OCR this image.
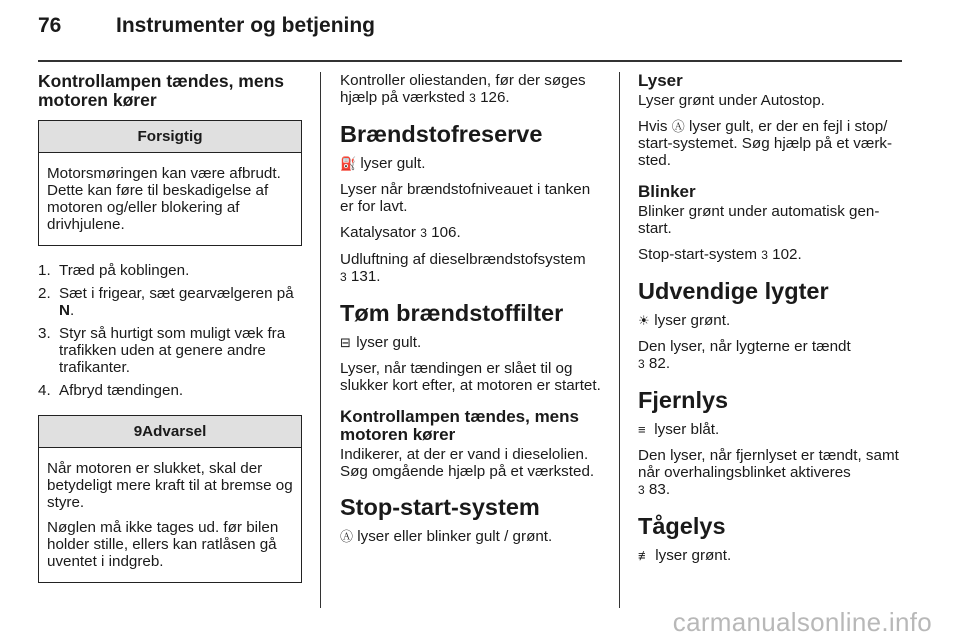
76	Instrumenter og betjening
Kontrollampen tændes, mens motoren kører
Forsigtig

Motorsmøringen kan være afbrudt. Dette kan føre til beskadigelse af motoren og/eller blokering af drivhjulene.

1. Træd på koblingen.
2. Sæt i frigear, sæt gearvælgeren på N.
3. Styr så hurtigt som muligt væk fra trafikken uden at genere andre trafikanter.
4. Afbryd tændingen.
9Advarsel

Når motoren er slukket, skal der betydeligt mere kraft til at bremse og styre.

Nøglen må ikke tages ud. før bilen holder stille, ellers kan ratlåsen gå uventet i indgreb.

Kontroller oliestanden, før der søges hjælp på værksted 3 126.

Brændstofreserve

⛽ lyser gult.

Lyser når brændstofniveauet i tanken er for lavt.

Katalysator 3 106.

Udluftning af dieselbrændstofsystem
3 131.

Tøm brændstoffilter

⊟ lyser gult.

Lyser, når tændingen er slået til og slukker kort efter, at motoren er startet.

Kontrollampen tændes, mens motoren kører

Indikerer, at der er vand i dieselolien. Søg omgående hjælp på et værksted.

Stop-start-system

Ⓐ lyser eller blinker gult / grønt.

Lyser

Lyser grønt under Autostop.

Hvis Ⓐ lyser gult, er der en fejl i stop/ start-systemet. Søg hjælp på et værksted.

Blinker

Blinker grønt under automatisk genstart.

Stop-start-system 3 102.

Udvendige lygter

☀ lyser grønt.

Den lyser, når lygterne er tændt
3 82.

Fjernlys

≡ lyser blåt.

Den lyser, når fjernlyset er tændt, samt når overhalingsblinket aktiveres
3 83.

Tågelys

≢ lyser grønt.

carmanualsonline.info
